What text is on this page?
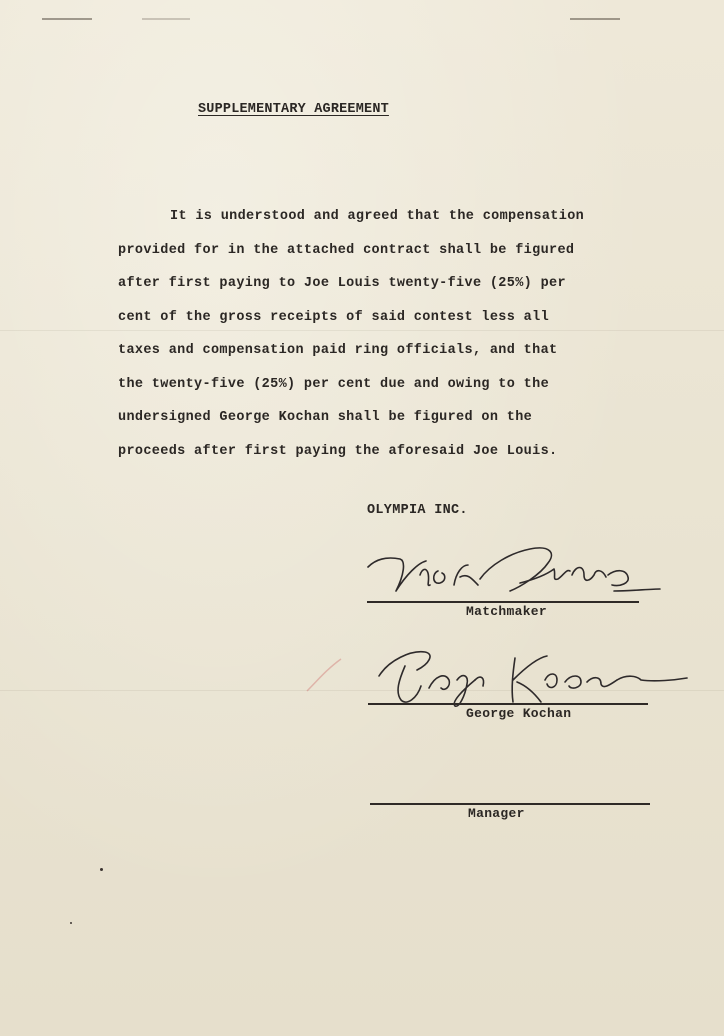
SUPPLEMENTARY AGREEMENT
It is understood and agreed that the compensation
provided for in the attached contract shall be figured
after first paying to Joe Louis twenty-five (25%) per
cent of the gross receipts of said contest less all
taxes and compensation paid ring officials, and that
the twenty-five (25%) per cent due and owing to the
undersigned George Kochan shall be figured on the
proceeds after first paying the aforesaid Joe Louis.
OLYMPIA INC.
Matchmaker
George Kochan
Manager
